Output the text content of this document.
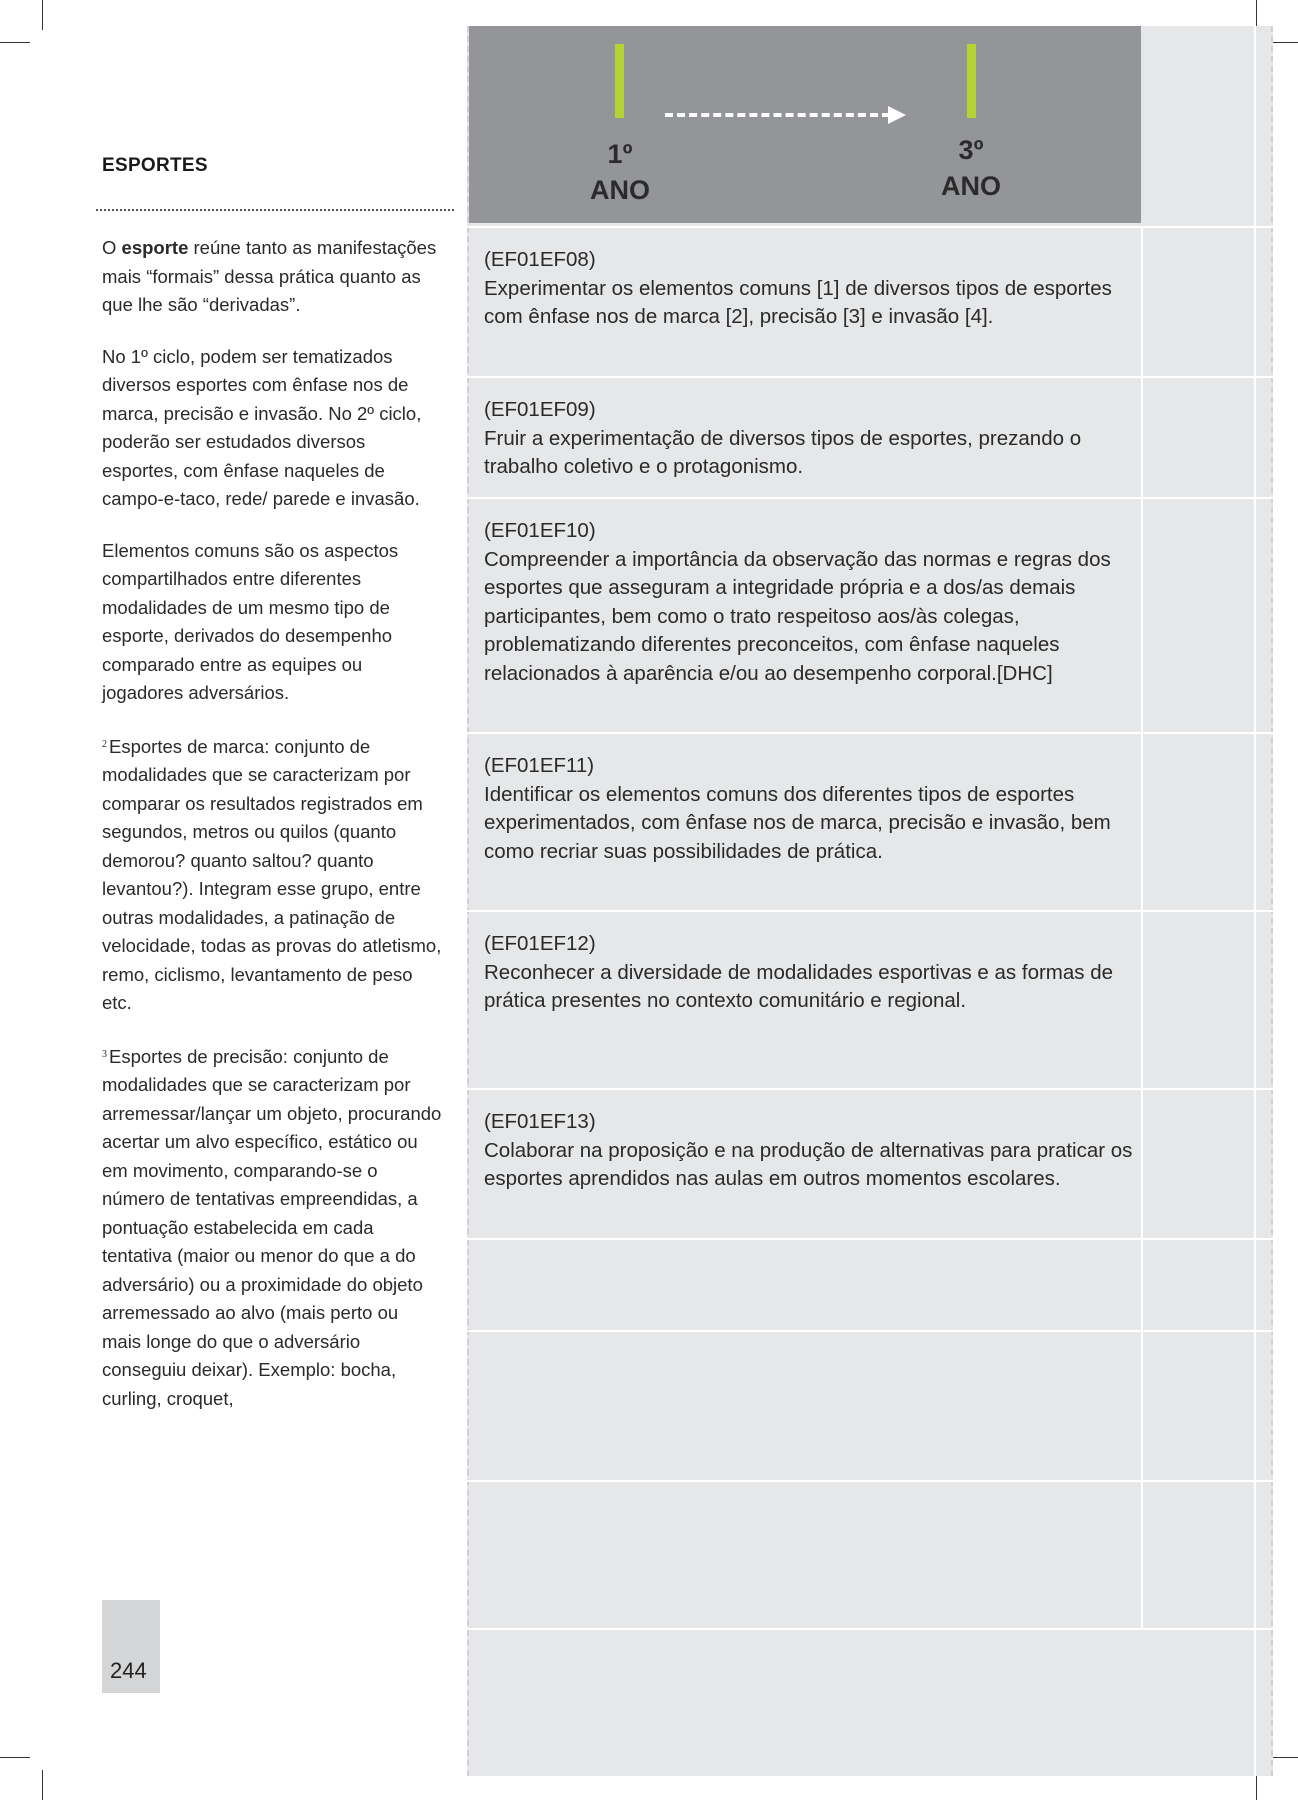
ESPORTES

O esporte reúne tanto as manifestações mais “formais” dessa prática quanto as que lhe são “derivadas”.

No 1º ciclo, podem ser tematizados diversos esportes com ênfase nos de marca, precisão e invasão. No 2º ciclo, poderão ser estudados diversos esportes, com ênfase naqueles de campo-e-taco, rede/ parede e invasão.

Elementos comuns são os aspectos compartilhados entre diferentes modalidades de um mesmo tipo de esporte, derivados do desempenho comparado entre as equipes ou jogadores adversários.

$^2$ Esportes de marca: conjunto de modalidades que se caracterizam por comparar os resultados registrados em segundos, metros ou quilos (quanto demorou? quanto saltou? quanto levantou?). Integram esse grupo, entre outras modalidades, a patinação de velocidade, todas as provas do atletismo, remo, ciclismo, levantamento de peso etc.

$^3$ Esportes de precisão: conjunto de modalidades que se caracterizam por arremessar/lançar um objeto, procurando acertar um alvo específico, estático ou em movimento, comparando-se o número de tentativas empreendidas, a pontuação estabelecida em cada tentativa (maior ou menor do que a do adversário) ou a proximidade do objeto arremessado ao alvo (mais perto ou mais longe do que o adversário conseguiu deixar). Exemplo: bocha, curling, croquet,

244
1º
ANO
3º
ANO
(EF01EF08)
Experimentar os elementos comuns [1] de diversos tipos de esportes com ênfase nos de marca [2], precisão [3] e invasão [4].
(EF01EF09)
Fruir a experimentação de diversos tipos de esportes, prezando o trabalho coletivo e o protagonismo.
(EF01EF10)
Compreender a importância da observação das normas e regras dos esportes que asseguram a integridade própria e a dos/as demais participantes, bem como o trato respeitoso aos/às colegas, problematizando diferentes preconceitos, com ênfase naqueles relacionados à aparência e/ou ao desempenho corporal.[DHC]
(EF01EF11)
Identificar os elementos comuns dos diferentes tipos de esportes experimentados, com ênfase nos de marca, precisão e invasão, bem como recriar suas possibilidades de prática.
(EF01EF12)
Reconhecer a diversidade de modalidades esportivas e as formas de prática presentes no contexto comunitário e regional.
(EF01EF13)
Colaborar na proposição e na produção de alternativas para praticar os esportes aprendidos nas aulas em outros momentos escolares.
